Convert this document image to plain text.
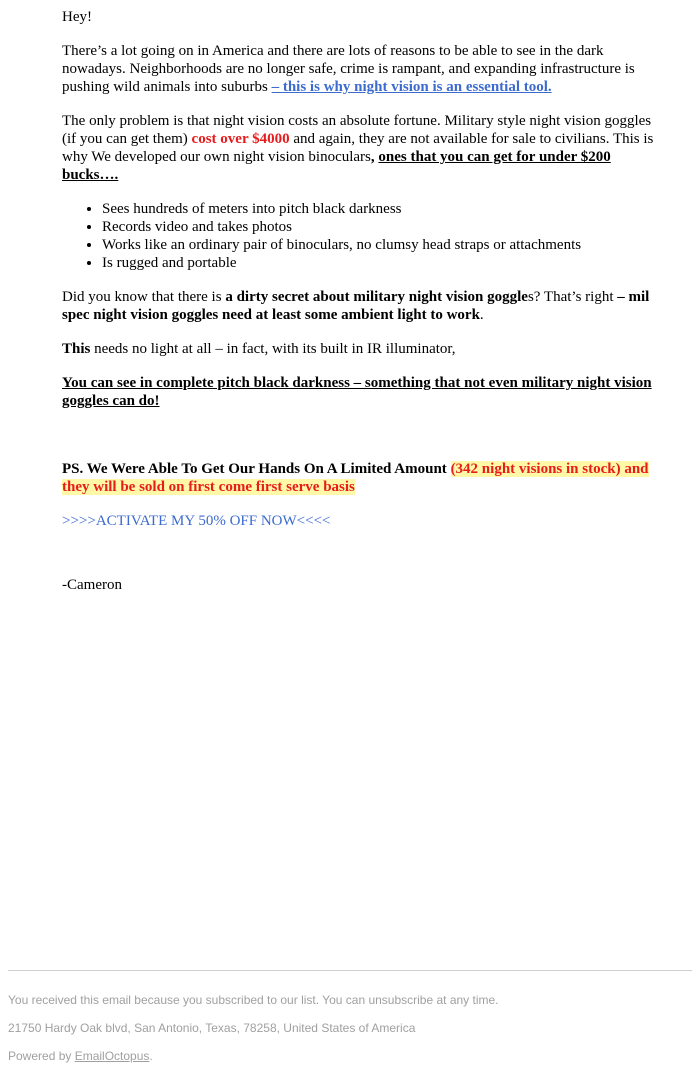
Hey!

There’s a lot going on in America and there are lots of reasons to be able to see in the dark nowadays. Neighborhoods are no longer safe, crime is rampant, and expanding infrastructure is pushing wild animals into suburbs – this is why night vision is an essential tool.

The only problem is that night vision costs an absolute fortune. Military style night vision goggles (if you can get them) cost over $4000 and again, they are not available for sale to civilians. This is why We developed our own night vision binoculars, ones that you can get for under $200 bucks….

• Sees hundreds of meters into pitch black darkness
• Records video and takes photos
• Works like an ordinary pair of binoculars, no clumsy head straps or attachments
• Is rugged and portable

Did you know that there is a dirty secret about military night vision goggles? That’s right – mil spec night vision goggles need at least some ambient light to work.

This needs no light at all – in fact, with its built in IR illuminator,

You can see in complete pitch black darkness – something that not even military night vision goggles can do!

PS. We Were Able To Get Our Hands On A Limited Amount (342 night visions in stock) and they will be sold on first come first serve basis

>>>>ACTIVATE MY 50% OFF NOW<<<<

-Cameron

You received this email because you subscribed to our list. You can unsubscribe at any time.

21750 Hardy Oak blvd, San Antonio, Texas, 78258, United States of America

Powered by EmailOctopus.
